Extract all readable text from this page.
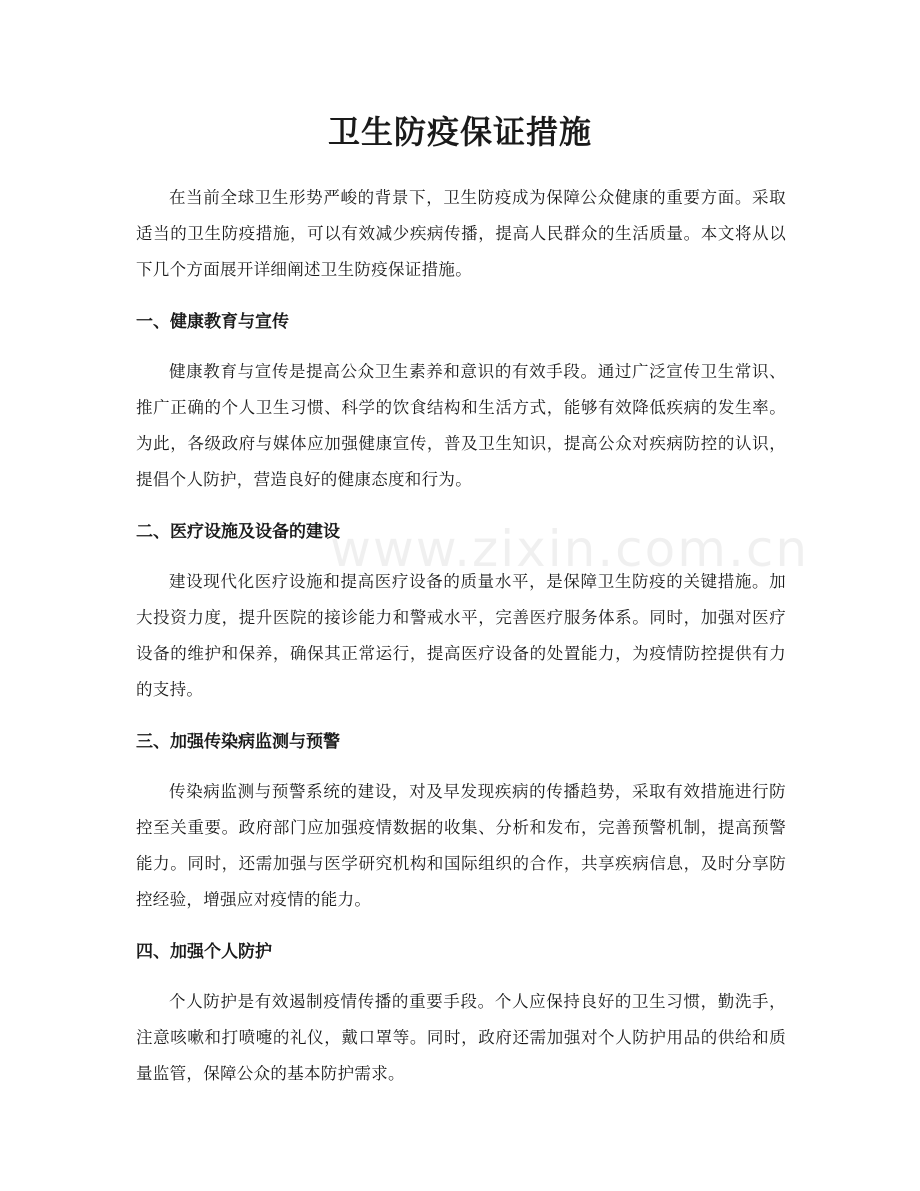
卫生防疫保证措施

在当前全球卫生形势严峻的背景下，卫生防疫成为保障公众健康的重要方面。采取适当的卫生防疫措施，可以有效减少疾病传播，提高人民群众的生活质量。本文将从以下几个方面展开详细阐述卫生防疫保证措施。

一、健康教育与宣传

健康教育与宣传是提高公众卫生素养和意识的有效手段。通过广泛宣传卫生常识、推广正确的个人卫生习惯、科学的饮食结构和生活方式，能够有效降低疾病的发生率。为此，各级政府与媒体应加强健康宣传，普及卫生知识，提高公众对疾病防控的认识，提倡个人防护，营造良好的健康态度和行为。

二、医疗设施及设备的建设

建设现代化医疗设施和提高医疗设备的质量水平，是保障卫生防疫的关键措施。加大投资力度，提升医院的接诊能力和警戒水平，完善医疗服务体系。同时，加强对医疗设备的维护和保养，确保其正常运行，提高医疗设备的处置能力，为疫情防控提供有力的支持。

三、加强传染病监测与预警

传染病监测与预警系统的建设，对及早发现疾病的传播趋势，采取有效措施进行防控至关重要。政府部门应加强疫情数据的收集、分析和发布，完善预警机制，提高预警能力。同时，还需加强与医学研究机构和国际组织的合作，共享疾病信息，及时分享防控经验，增强应对疫情的能力。

四、加强个人防护

个人防护是有效遏制疫情传播的重要手段。个人应保持良好的卫生习惯，勤洗手，注意咳嗽和打喷嚏的礼仪，戴口罩等。同时，政府还需加强对个人防护用品的供给和质量监管，保障公众的基本防护需求。

www.zixin.com.cn
